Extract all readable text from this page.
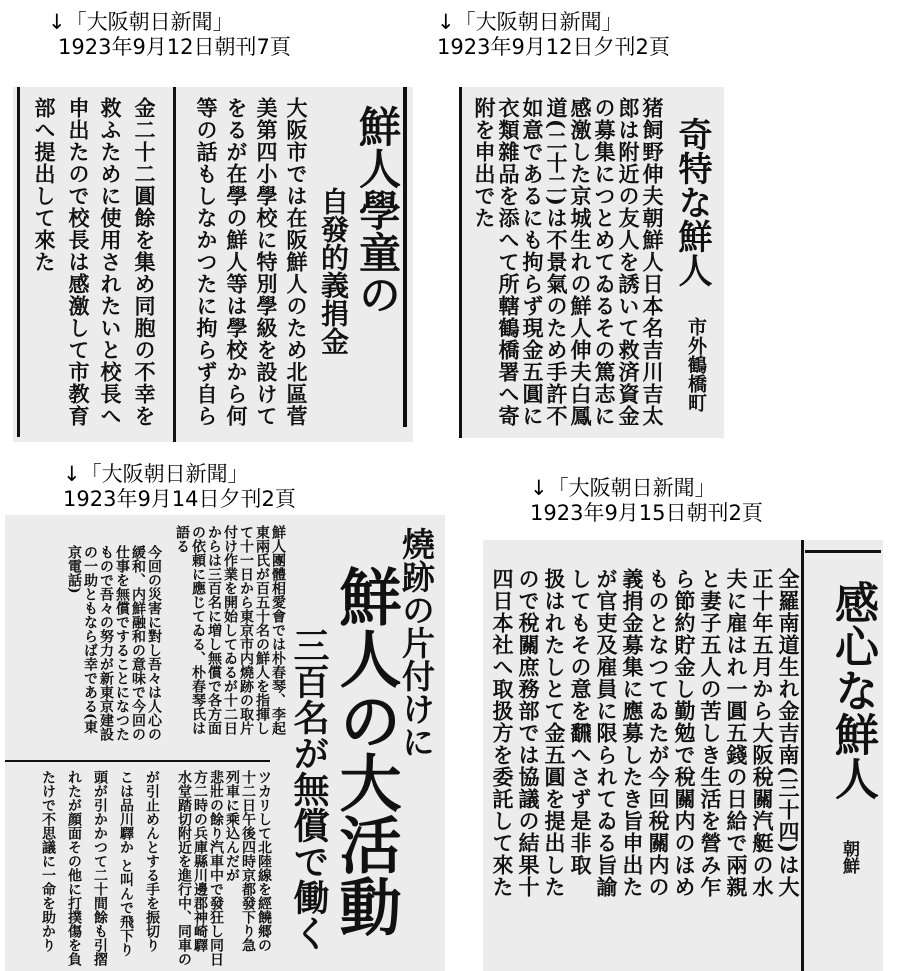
↓「大阪朝日新聞」
1923年9月12日朝刊7頁
↓「大阪朝日新聞」
1923年9月12日夕刊2頁
↓「大阪朝日新聞」
1923年9月14日夕刊2頁	↓「大阪朝日新聞」
1923年9月15日朝刊2頁
鮮人學童の
自發的義捐金
大阪市では在阪鮮人のため北區菅
美第四小學校に特別學級を設けて
をるが在學の鮮人等は學校から何
等の話もしなかつたに拘らず自ら
金二十二圓餘を集め同胞の不幸を
救ふために使用されたいと校長へ
申出たので校長は感激して市教育
部へ提出して來た	奇特な鮮人
市外鶴橋町
猪飼野伸夫朝鮮人日本名吉川吉太
郎は附近の友人を誘いて救済資金
の募集につとめてゐるその篤志に
感激した京城生れの鮮人伸夫白鳳
道(二十二)は不景氣のため手許不
如意であるにも拘らず現金五圓に
衣類雜品を添へて所轄鶴橋署へ寄
附を申出でた
燒跡の片付けに
鮮人の大活動
三百名が無償で働く
鮮人團體相愛會では朴春琴、李起
東兩氏が百五十名の鮮人を指揮し
て十一日から東京市内燒跡の取片
付け作業を開始してゐるが十二日
からは三百名に増し無償で各方面
の依頼に應じてゐる、朴春琴氏は
語る
今回の災害に對し吾々は人心の
緩和、内鮮融和の意味で今回の
仕事を無償ですることになつた
もので吾々の努力が新東京建設
の一助ともならば幸である(東
京電話)
ツカリして北陸線を經饒郷の
十二日午後四時京都發下り急
列車に乘込んだが
悲壯の餘り汽車中で發狂し同日
方二時の兵庫縣川邊郡神崎驛
水堂踏切附近を進行中、同車の
が引止めんとする手を振切り
こは品川驛か と叫んで飛下り
頭が引かかつて二十間餘も引摺
れたが顔面その他に打撲傷を負
たけで不思議に一命を助かり
感心な鮮人
朝鮮
全羅南道生れ金吉南(三十四)は大
正十年五月から大阪稅關汽艇の水
夫に雇はれ一圓五錢の日給で兩親
と妻子五人の苦しき生活を營み乍
ら節約貯金し勤勉で稅關内のほめ
ものとなつてゐたが今回稅關内の
義捐金募集に應募したき旨申出た
が官吏及雇員に限られてゐる旨諭
してもその意を飜へさず是非取
扱はれたしとて金五圓を提出した
ので稅關庶務部では協議の結果十
四日本社へ取扱方を委託して來た
